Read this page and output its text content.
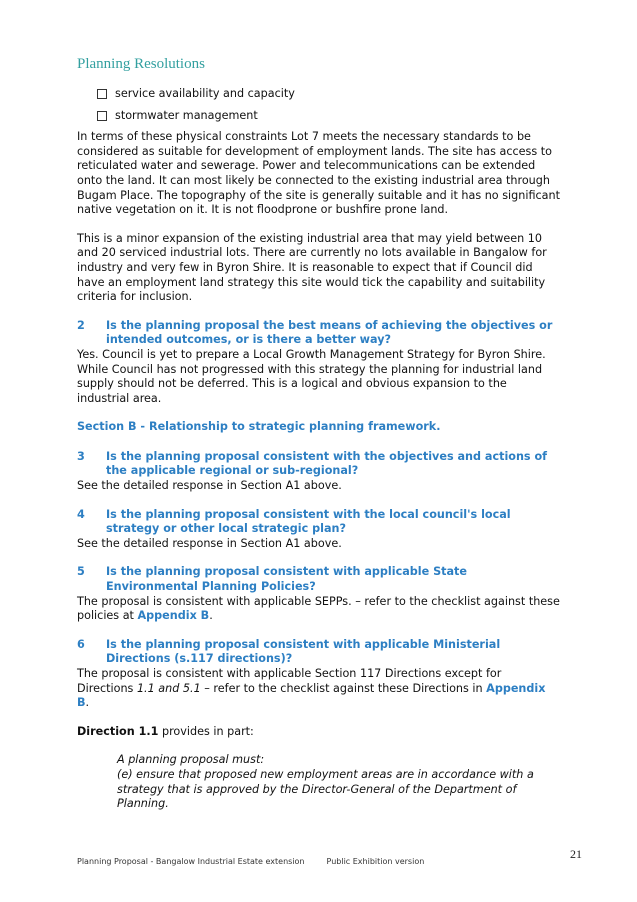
Planning Resolutions
service availability and capacity
stormwater management

In terms of these physical constraints Lot 7 meets the necessary standards to be considered as suitable for development of employment lands. The site has access to reticulated water and sewerage. Power and telecommunications can be extended onto the land. It can most likely be connected to the existing industrial area through Bugam Place. The topography of the site is generally suitable and it has no significant native vegetation on it. It is not floodprone or bushfire prone land.

This is a minor expansion of the existing industrial area that may yield between 10 and 20 serviced industrial lots. There are currently no lots available in Bangalow for industry and very few in Byron Shire. It is reasonable to expect that if Council did have an employment land strategy this site would tick the capability and suitability criteria for inclusion.

2 Is the planning proposal the best means of achieving the objectives or intended outcomes, or is there a better way?

Yes. Council is yet to prepare a Local Growth Management Strategy for Byron Shire. While Council has not progressed with this strategy the planning for industrial land supply should not be deferred. This is a logical and obvious expansion to the industrial area.

Section B - Relationship to strategic planning framework.

3 Is the planning proposal consistent with the objectives and actions of the applicable regional or sub-regional?

See the detailed response in Section A1 above.

4 Is the planning proposal consistent with the local council's local strategy or other local strategic plan?

See the detailed response in Section A1 above.

5 Is the planning proposal consistent with applicable State Environmental Planning Policies?

The proposal is consistent with applicable SEPPs. – refer to the checklist against these policies at Appendix B.

6 Is the planning proposal consistent with applicable Ministerial Directions (s.117 directions)?

The proposal is consistent with applicable Section 117 Directions except for Directions 1.1 and 5.1 – refer to the checklist against these Directions in Appendix B.

Direction 1.1 provides in part:

A planning proposal must:

(e) ensure that proposed new employment areas are in accordance with a strategy that is approved by the Director-General of the Department of Planning.

21
Planning Proposal - Bangalow Industrial Estate extension	Public Exhibition version
